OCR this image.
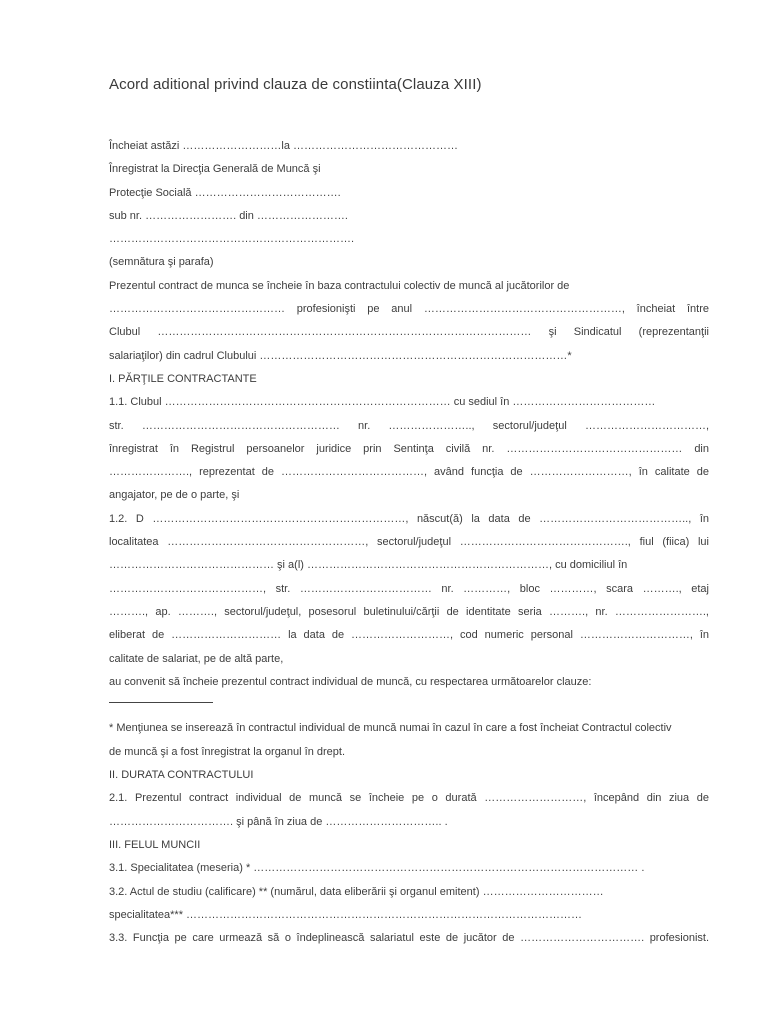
Acord aditional privind clauza de constiinta(Clauza XIII)

Încheiat astăzi ………………………la ………………………………………

Înregistrat la Direcţia Generală de Muncă şi

Protecţie Socială ………………………………….

sub nr. ……………………. din …………………….

………………………………………………………….

(semnătura şi parafa)

Prezentul contract de munca se încheie în baza contractului colectiv de muncă al jucătorilor de

………………………………………… profesionişti pe anul ………………………………………………, încheiat între

Clubul ………………………………………………………………………………………… şi Sindicatul (reprezentanţii

salariaţilor) din cadrul Clubului …………………………………………………………………………*

I. PĂRŢILE CONTRACTANTE

1.1. Clubul …………………………………………………………………… cu sediul în …………………………………

str. ……………………………………………… nr. ………………….., sectorul/judeţul ……………………………,

înregistrat în Registrul persoanelor juridice prin Sentinţa civilă nr. ………………………………………… din

…………………., reprezentat de …………………………………, având funcţia de ………………………, în calitate de

angajator, pe de o parte, şi

1.2. D ……………………………………………………………, născut(ă) la data de ………………………………….., în

localitatea ………………………………………………, sectorul/judeţul ………………………………………., fiul (fiica) lui

……………………………………… şi a(l) …………………………………………………………, cu domiciliul în

……………………………………, str. ……………………………… nr. …………, bloc …………, scara ………., etaj

………., ap. ………., sectorul/judeţul, posesorul buletinului/cărţii de identitate seria ………., nr. …………………….,

eliberat de ………………………… la data de ………………………, cod numeric personal …………………………, în

calitate de salariat, pe de altă parte,

au convenit să încheie prezentul contract individual de muncă, cu respectarea următoarelor clauze:

* Menţiunea se inserează în contractul individual de muncă numai în cazul în care a fost încheiat Contractul colectiv

de muncă şi a fost înregistrat la organul în drept.

II. DURATA CONTRACTULUI

2.1. Prezentul contract individual de muncă se încheie pe o durată ………………………, începând din ziua de

……………………………. şi până în ziua de ………………………….. .

III. FELUL MUNCII

3.1. Specialitatea (meseria) * …………………………………………………………………………………………… .

3.2. Actul de studiu (calificare) ** (numărul, data eliberării şi organul emitent) ……………………………

specialitatea*** ………………………………………………………………………………………………

3.3. Funcţia pe care urmează să o îndeplinească salariatul este de jucător de ……………………………. profesionist.
